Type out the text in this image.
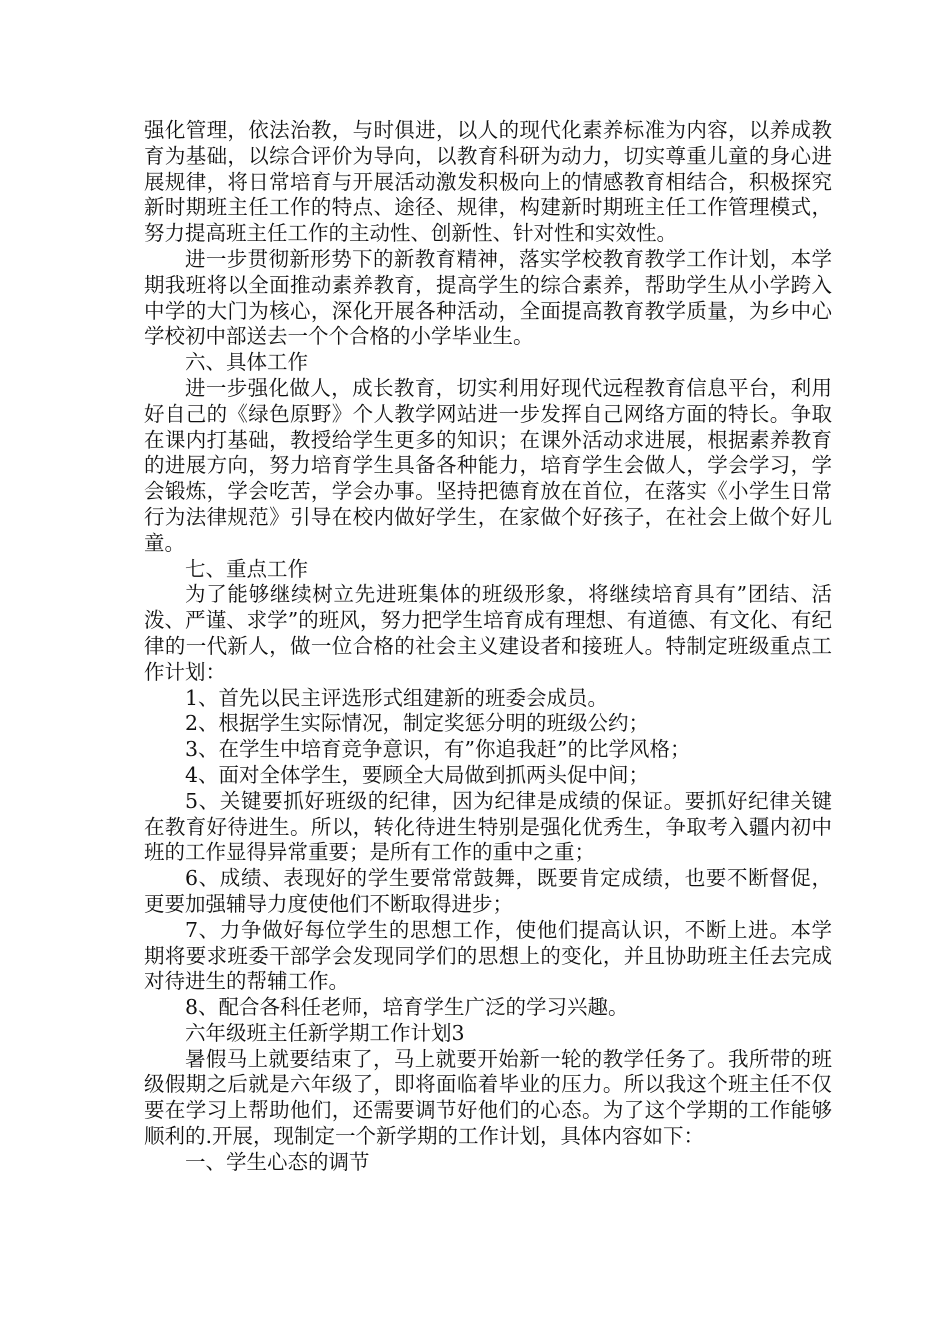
强化管理，依法治教，与时俱进，以人的现代化素养标准为内容，以养成教育为基础，以综合评价为导向，以教育科研为动力，切实尊重儿童的身心进展规律，将日常培育与开展活动激发积极向上的情感教育相结合，积极探究新时期班主任工作的特点、途径、规律，构建新时期班主任工作管理模式，努力提高班主任工作的主动性、创新性、针对性和实效性。

进一步贯彻新形势下的新教育精神，落实学校教育教学工作计划，本学期我班将以全面推动素养教育，提高学生的综合素养，帮助学生从小学跨入中学的大门为核心，深化开展各种活动，全面提高教育教学质量，为乡中心学校初中部送去一个个合格的小学毕业生。

六、具体工作

进一步强化做人，成长教育，切实利用好现代远程教育信息平台，利用好自己的《绿色原野》个人教学网站进一步发挥自己网络方面的特长。争取在课内打基础，教授给学生更多的知识；在课外活动求进展，根据素养教育的进展方向，努力培育学生具备各种能力，培育学生会做人，学会学习，学会锻炼，学会吃苦，学会办事。坚持把德育放在首位，在落实《小学生日常行为法律规范》引导在校内做好学生，在家做个好孩子，在社会上做个好儿童。

七、重点工作

为了能够继续树立先进班集体的班级形象，将继续培育具有”团结、活泼、严谨、求学”的班风，努力把学生培育成有理想、有道德、有文化、有纪律的一代新人，做一位合格的社会主义建设者和接班人。特制定班级重点工作计划：

1、首先以民主评选形式组建新的班委会成员。

2、根据学生实际情况，制定奖惩分明的班级公约；

3、在学生中培育竞争意识，有”你追我赶”的比学风格；

4、面对全体学生，要顾全大局做到抓两头促中间；

5、关键要抓好班级的纪律，因为纪律是成绩的保证。要抓好纪律关键在教育好待进生。所以，转化待进生特别是强化优秀生，争取考入疆内初中班的工作显得异常重要；是所有工作的重中之重；

6、成绩、表现好的学生要常常鼓舞，既要肯定成绩，也要不断督促，更要加强辅导力度使他们不断取得进步；

7、力争做好每位学生的思想工作，使他们提高认识，不断上进。本学期将要求班委干部学会发现同学们的思想上的变化，并且协助班主任去完成对待进生的帮辅工作。

8、配合各科任老师，培育学生广泛的学习兴趣。

六年级班主任新学期工作计划3

暑假马上就要结束了，马上就要开始新一轮的教学任务了。我所带的班级假期之后就是六年级了，即将面临着毕业的压力。所以我这个班主任不仅要在学习上帮助他们，还需要调节好他们的心态。为了这个学期的工作能够顺利的.开展，现制定一个新学期的工作计划，具体内容如下：

一、学生心态的调节
